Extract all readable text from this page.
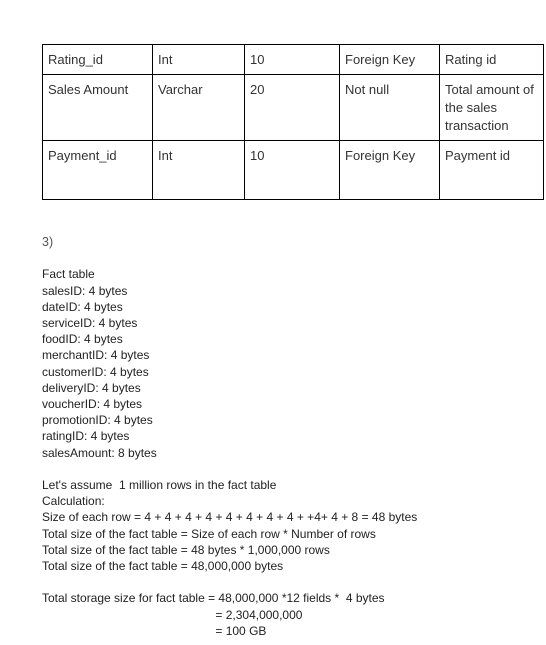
Rating_id	Int	10	Foreign Key	Rating id
Sales Amount	Varchar	20	Not null	Total amount of the sales transaction
Payment_id	Int	10	Foreign Key	Payment id
3)
Fact table
salesID: 4 bytes
dateID: 4 bytes
serviceID: 4 bytes
foodID: 4 bytes
merchantID: 4 bytes
customerID: 4 bytes
deliveryID: 4 bytes
voucherID: 4 bytes
promotionID: 4 bytes
ratingID: 4 bytes
salesAmount: 8 bytes
Let's assume  1 million rows in the fact table
Calculation:
Size of each row = 4 + 4 + 4 + 4 + 4 + 4 + 4 + 4 + +4+ 4 + 8 = 48 bytes
Total size of the fact table = Size of each row * Number of rows
Total size of the fact table = 48 bytes * 1,000,000 rows
Total size of the fact table = 48,000,000 bytes
Total storage size for fact table = 48,000,000 *12 fields *  4 bytes
= 2,304,000,000
= 100 GB
